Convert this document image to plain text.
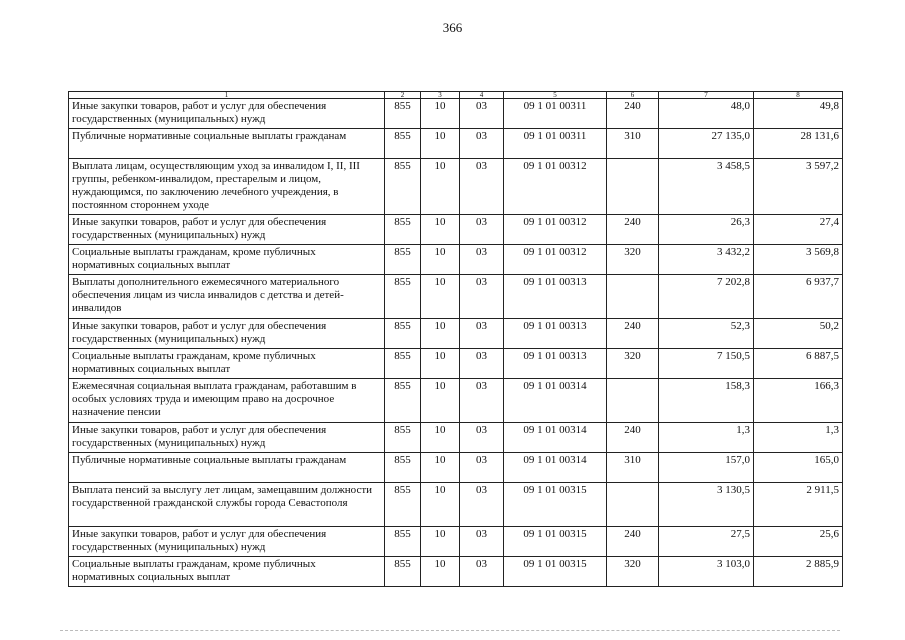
366
1	2	3	4	5	6	7	8
Иные закупки товаров, работ и услуг для обеспечения государственных (муниципальных) нужд	855	10	03	09 1 01 00311	240	48,0	49,8
Публичные нормативные социальные выплаты гражданам	855	10	03	09 1 01 00311	310	27 135,0	28 131,6
Выплата лицам, осуществляющим уход за инвалидом I, II, III группы, ребенком-инвалидом, престарелым и лицом, нуждающимся, по заключению лечебного учреждения, в постоянном стороннем уходе	855	10	03	09 1 01 00312		3 458,5	3 597,2
Иные закупки товаров, работ и услуг для обеспечения государственных (муниципальных) нужд	855	10	03	09 1 01 00312	240	26,3	27,4
Социальные выплаты гражданам, кроме публичных нормативных социальных выплат	855	10	03	09 1 01 00312	320	3 432,2	3 569,8
Выплаты дополнительного ежемесячного материального обеспечения лицам из числа инвалидов с детства и детей-инвалидов	855	10	03	09 1 01 00313		7 202,8	6 937,7
Иные закупки товаров, работ и услуг для обеспечения государственных (муниципальных) нужд	855	10	03	09 1 01 00313	240	52,3	50,2
Социальные выплаты гражданам, кроме публичных нормативных социальных выплат	855	10	03	09 1 01 00313	320	7 150,5	6 887,5
Ежемесячная социальная выплата гражданам, работавшим в особых условиях труда и имеющим право на досрочное назначение пенсии	855	10	03	09 1 01 00314		158,3	166,3
Иные закупки товаров, работ и услуг для обеспечения государственных (муниципальных) нужд	855	10	03	09 1 01 00314	240	1,3	1,3
Публичные нормативные социальные выплаты гражданам	855	10	03	09 1 01 00314	310	157,0	165,0
Выплата пенсий за выслугу лет лицам, замещавшим должности государственной гражданской службы города Севастополя	855	10	03	09 1 01 00315		3 130,5	2 911,5
Иные закупки товаров, работ и услуг для обеспечения государственных (муниципальных) нужд	855	10	03	09 1 01 00315	240	27,5	25,6
Социальные выплаты гражданам, кроме публичных нормативных социальных выплат	855	10	03	09 1 01 00315	320	3 103,0	2 885,9
